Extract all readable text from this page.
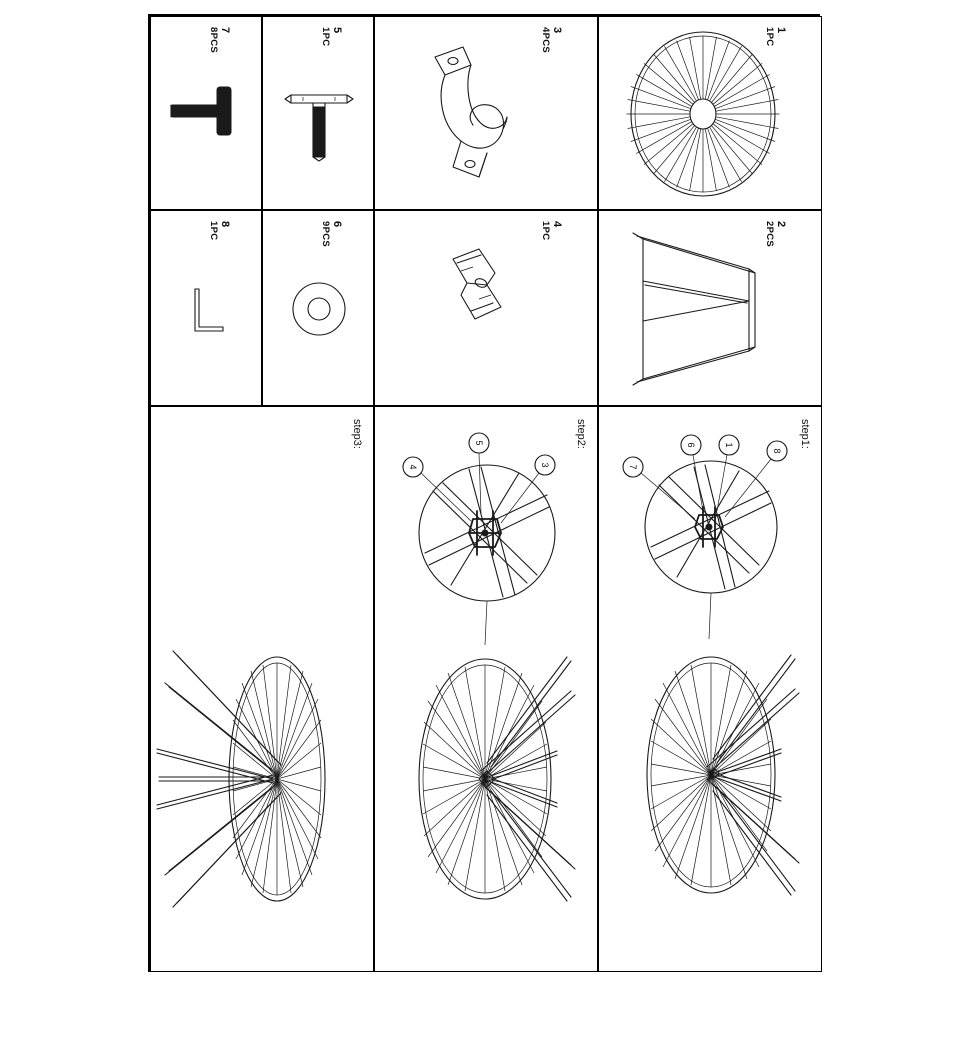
1
1PC
2
2PCS
3
4PCS
4
1PC
5
1PC
6
9PCS
7
8PCS
8
1PC
step1:
7
6	1
8
step2:
4
5
3
step3:
